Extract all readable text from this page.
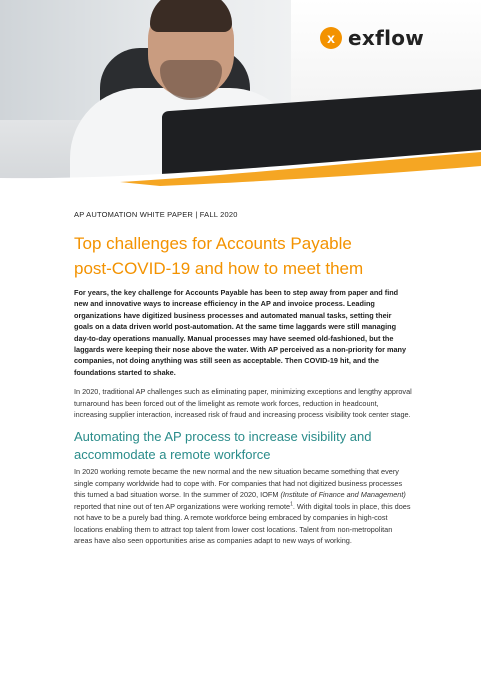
x exflow

AP AUTOMATION WHITE PAPER | FALL 2020

Top challenges for Accounts Payable
post-COVID-19 and how to meet them

For years, the key challenge for Accounts Payable has been to step away from paper and find new and innovative ways to increase efficiency in the AP and invoice process. Leading organizations have digitized business processes and automated manual tasks, setting their goals on a data driven world post-automation. At the same time laggards were still managing day-to-day operations manually. Manual processes may have seemed old-fashioned, but the laggards were keeping their nose above the water. With AP perceived as a non-priority for many companies, not doing anything was still seen as acceptable. Then COVID-19 hit, and the foundations started to shake.

In 2020, traditional AP challenges such as eliminating paper, minimizing exceptions and lengthy approval turnaround has been forced out of the limelight as remote work forces, reduction in headcount, increasing supplier interaction, increased risk of fraud and increasing process visibility took center stage.

Automating the AP process to increase visibility and
accommodate a remote workforce

In 2020 working remote became the new normal and the new situation became something that every single company worldwide had to cope with. For companies that had not digitized business processes this turned a bad situation worse. In the summer of 2020, IOFM (Institute of Finance and Management) reported that nine out of ten AP organizations were working remote$^1$. With digital tools in place, this does not have to be a purely bad thing. A remote workforce being embraced by companies in high-cost locations enabling them to attract top talent from lower cost locations. Talent from non-metropolitan areas have also seen opportunities arise as companies adapt to new ways of working.
